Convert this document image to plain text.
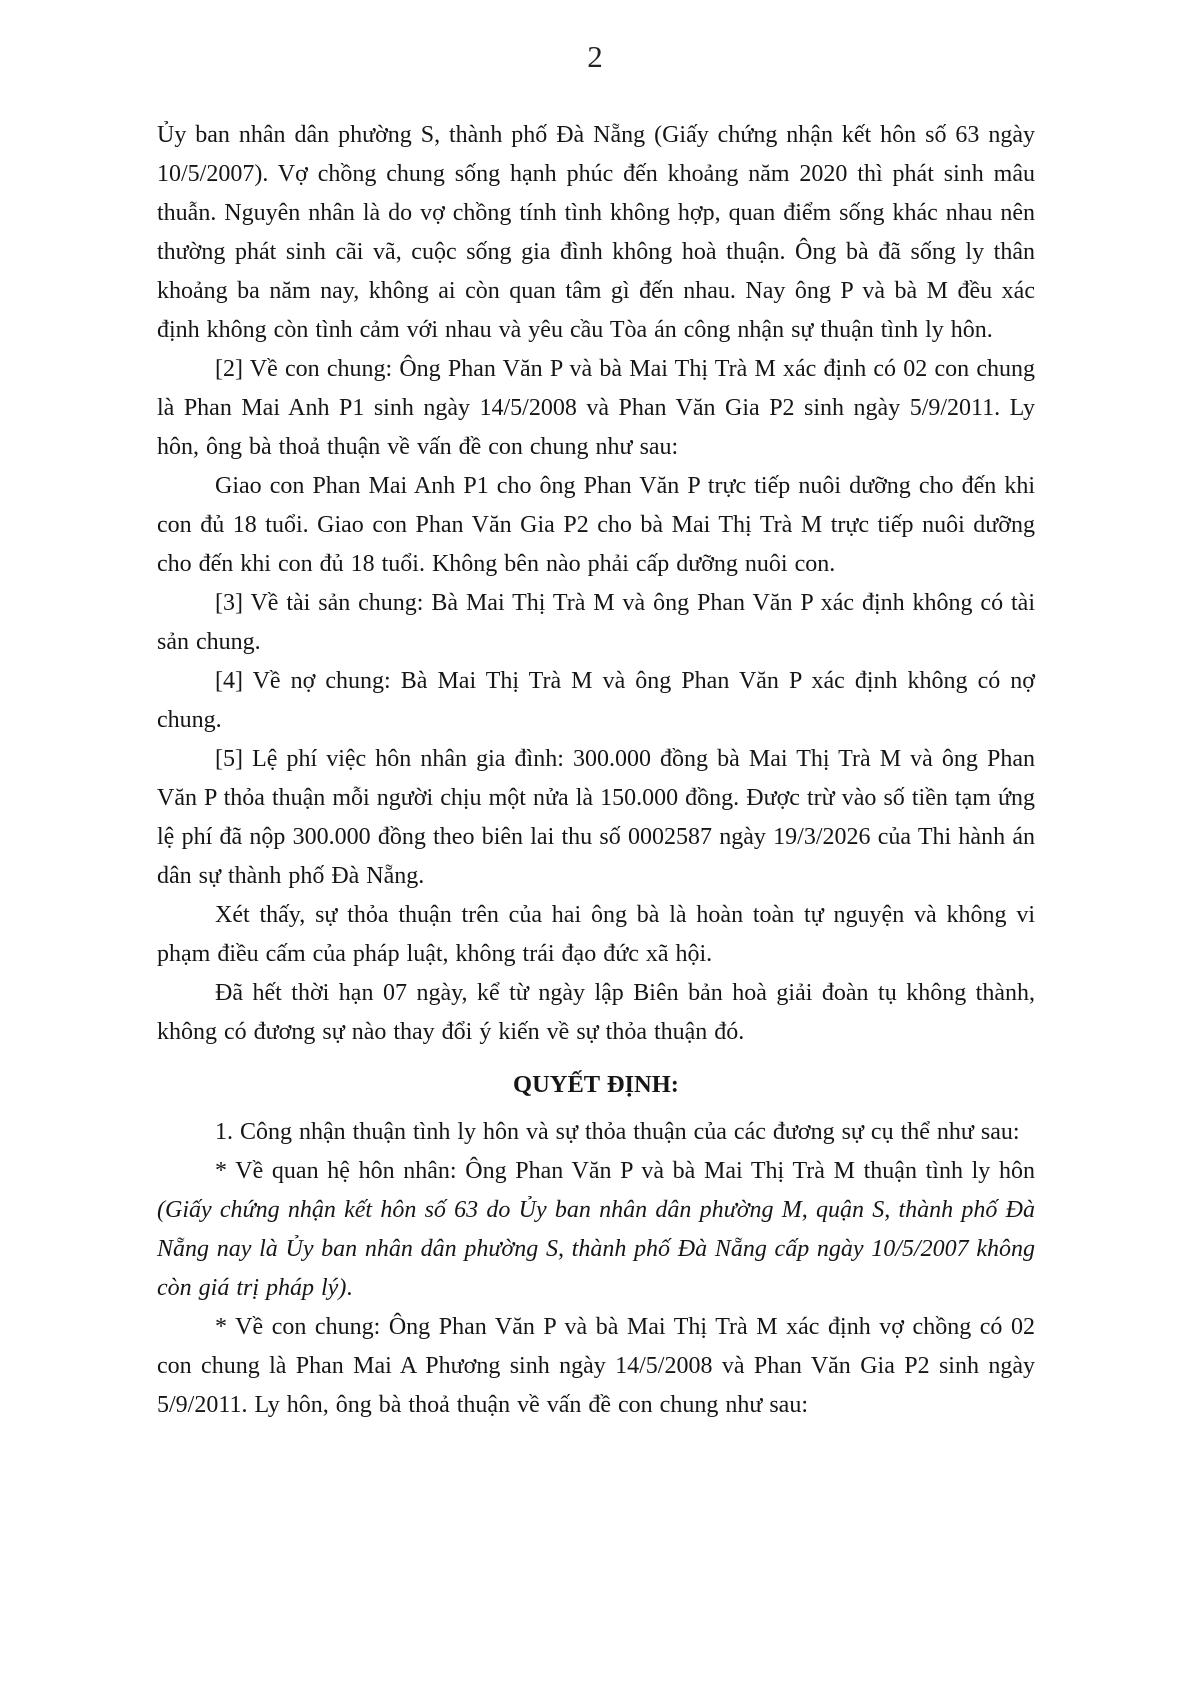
2

Ủy ban nhân dân phường S, thành phố Đà Nẵng (Giấy chứng nhận kết hôn số 63 ngày 10/5/2007). Vợ chồng chung sống hạnh phúc đến khoảng năm 2020 thì phát sinh mâu thuẫn. Nguyên nhân là do vợ chồng tính tình không hợp, quan điểm sống khác nhau nên thường phát sinh cãi vã, cuộc sống gia đình không hoà thuận. Ông bà đã sống ly thân khoảng ba năm nay, không ai còn quan tâm gì đến nhau. Nay ông P và bà M đều xác định không còn tình cảm với nhau và yêu cầu Tòa án công nhận sự thuận tình ly hôn.

[2] Về con chung: Ông Phan Văn P và bà Mai Thị Trà M xác định có 02 con chung là Phan Mai Anh P1 sinh ngày 14/5/2008 và Phan Văn Gia P2 sinh ngày 5/9/2011. Ly hôn, ông bà thoả thuận về vấn đề con chung như sau:

Giao con Phan Mai Anh P1 cho ông Phan Văn P trực tiếp nuôi dưỡng cho đến khi con đủ 18 tuổi. Giao con Phan Văn Gia P2 cho bà Mai Thị Trà M trực tiếp nuôi dưỡng cho đến khi con đủ 18 tuổi. Không bên nào phải cấp dưỡng nuôi con.

[3] Về tài sản chung: Bà Mai Thị Trà M và ông Phan Văn P xác định không có tài sản chung.

[4] Về nợ chung: Bà Mai Thị Trà M và ông Phan Văn P xác định không có nợ chung.

[5] Lệ phí việc hôn nhân gia đình: 300.000 đồng bà Mai Thị Trà M và ông Phan Văn P thỏa thuận mỗi người chịu một nửa là 150.000 đồng. Được trừ vào số tiền tạm ứng lệ phí đã nộp 300.000 đồng theo biên lai thu số 0002587 ngày 19/3/2026 của Thi hành án dân sự thành phố Đà Nẵng.

Xét thấy, sự thỏa thuận trên của hai ông bà là hoàn toàn tự nguyện và không vi phạm điều cấm của pháp luật, không trái đạo đức xã hội.

Đã hết thời hạn 07 ngày, kể từ ngày lập Biên bản hoà giải đoàn tụ không thành, không có đương sự nào thay đổi ý kiến về sự thỏa thuận đó.

QUYẾT ĐỊNH:

1. Công nhận thuận tình ly hôn và sự thỏa thuận của các đương sự cụ thể như sau:

* Về quan hệ hôn nhân: Ông Phan Văn P và bà Mai Thị Trà M thuận tình ly hôn (Giấy chứng nhận kết hôn số 63 do Ủy ban nhân dân phường M, quận S, thành phố Đà Nẵng nay là Ủy ban nhân dân phường S, thành phố Đà Nẵng cấp ngày 10/5/2007 không còn giá trị pháp lý).

* Về con chung: Ông Phan Văn P và bà Mai Thị Trà M xác định vợ chồng có 02 con chung là Phan Mai A Phương sinh ngày 14/5/2008 và Phan Văn Gia P2 sinh ngày 5/9/2011. Ly hôn, ông bà thoả thuận về vấn đề con chung như sau:
